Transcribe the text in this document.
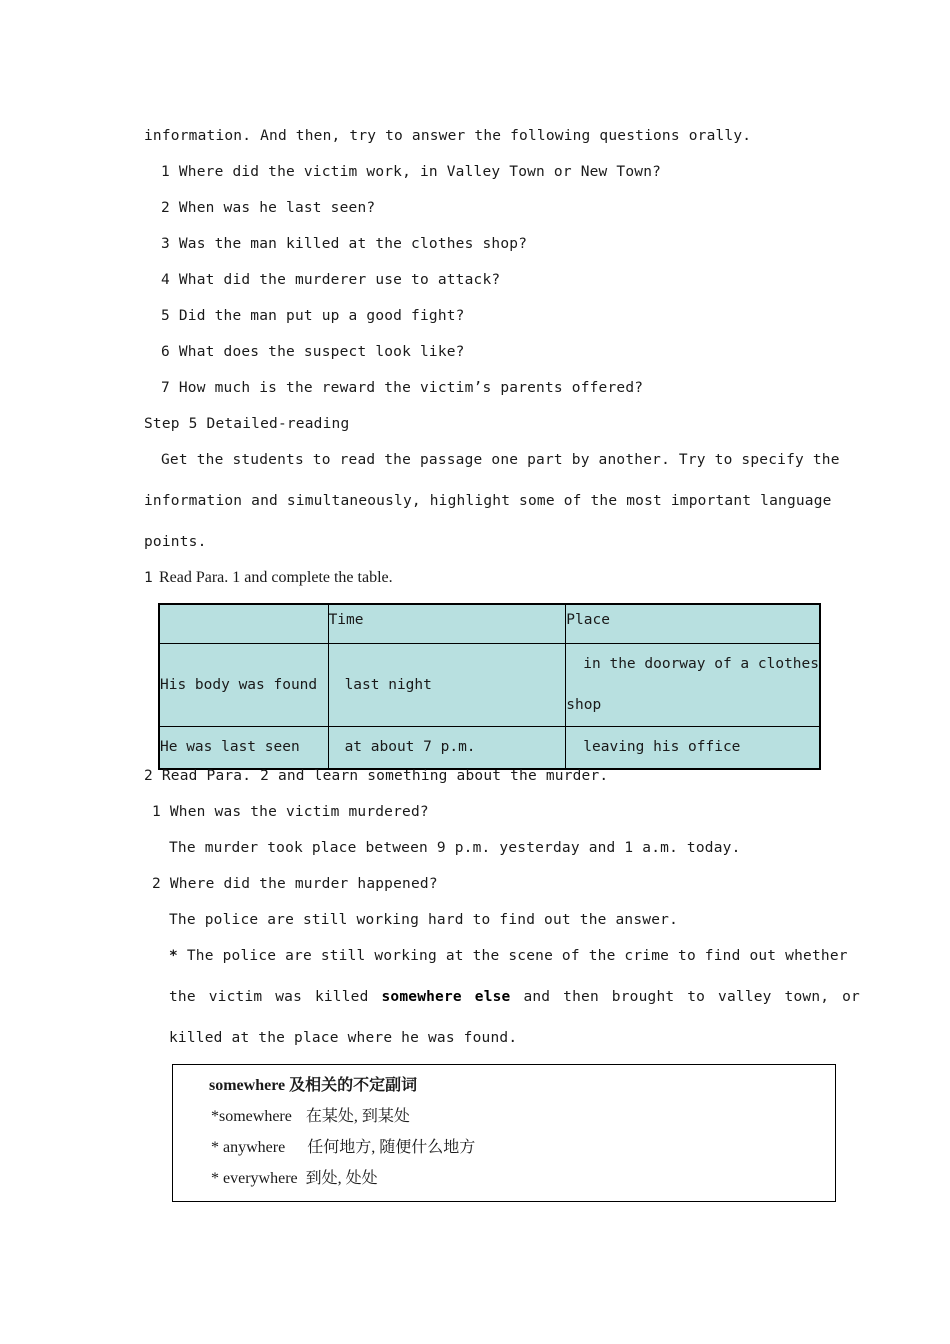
information. And then, try to answer the following questions orally.
1 Where did the victim work, in Valley Town or New Town?
2 When was he last seen?
3 Was the man killed at the clothes shop?
4 What did the murderer use to attack?
5 Did the man put up a good fight?
6 What does the suspect look like?
7 How much is the reward the victim’s parents offered?
Step 5 Detailed-reading
Get the students to read the passage one part by another. Try to specify the
information and simultaneously, highlight some of the most important language
points.
1 Read Para. 1 and complete the table.
	Time	Place
His body was found	last night	in the doorway of a clothes
shop

He was last seen	at about 7 p.m.	leaving his office
2 Read Para. 2 and learn something about the murder.
1 When was the victim murdered?
The murder took place between 9 p.m. yesterday and 1 a.m. today.
2 Where did the murder happened?
The police are still working hard to find out the answer.
* The police are still working at the scene of the crime to find out whether
the victim was killed somewhere else and then brought to valley town, or
killed at the place where he was found.
somewhere 及相关的不定副词
*somewhere 在某处, 到某处
* anywhere 任何地方, 随便什么地方
* everywhere 到处, 处处
